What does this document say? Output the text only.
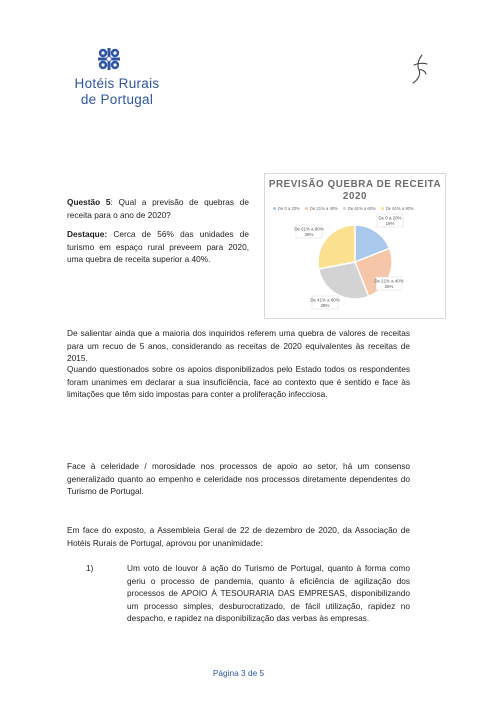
Hotéis Rurais
de Portugal

Questão 5: Qual a previsão de quebras de receita para o ano de 2020?

Destaque: Cerca de 56% das unidades de turismo em espaço rural preveem para 2020, uma quebra de receita superior a 40%.

PREVISÃO QUEBRA DE RECEITA 2020
De 0 a 20% De 21% a 40% De 41% a 60% De 61% a 80%
De 0 a 20%
19%
De 21% a 40%
25%
De 41% a 60%
28%
De 61% a 80%
28%
De salientar ainda que a maioria dos inquiridos referem uma quebra de valores de receitas para um recuo de 5 anos, considerando as receitas de 2020 equivalentes às receitas de 2015.
Quando questionados sobre os apoios disponibilizados pelo Estado todos os respondentes foram unanimes em declarar a sua insuficiência, face ao contexto que é sentido e face às limitações que têm sido impostas para conter a proliferação infecciosa.
Face à celeridade / morosidade nos processos de apoio ao setor, há um consenso generalizado quanto ao empenho e celeridade nos processos diretamente dependentes do Turismo de Portugal.
Em face do exposto, a Assembleia Geral de 22 de dezembro de 2020, da Associação de Hotéis Rurais de Portugal, aprovou por unanimidade:
1)	Um voto de louvor à ação do Turismo de Portugal, quanto à forma como geriu o processo de pandemia, quanto à eficiência de agilização dos processos de APOIO À TESOURARIA DAS EMPRESAS, disponibilizando um processo simples, desburocratizado, de fácil utilização, rapidez no despacho, e rapidez na disponibilização das verbas às empresas.
Página 3 de 5
